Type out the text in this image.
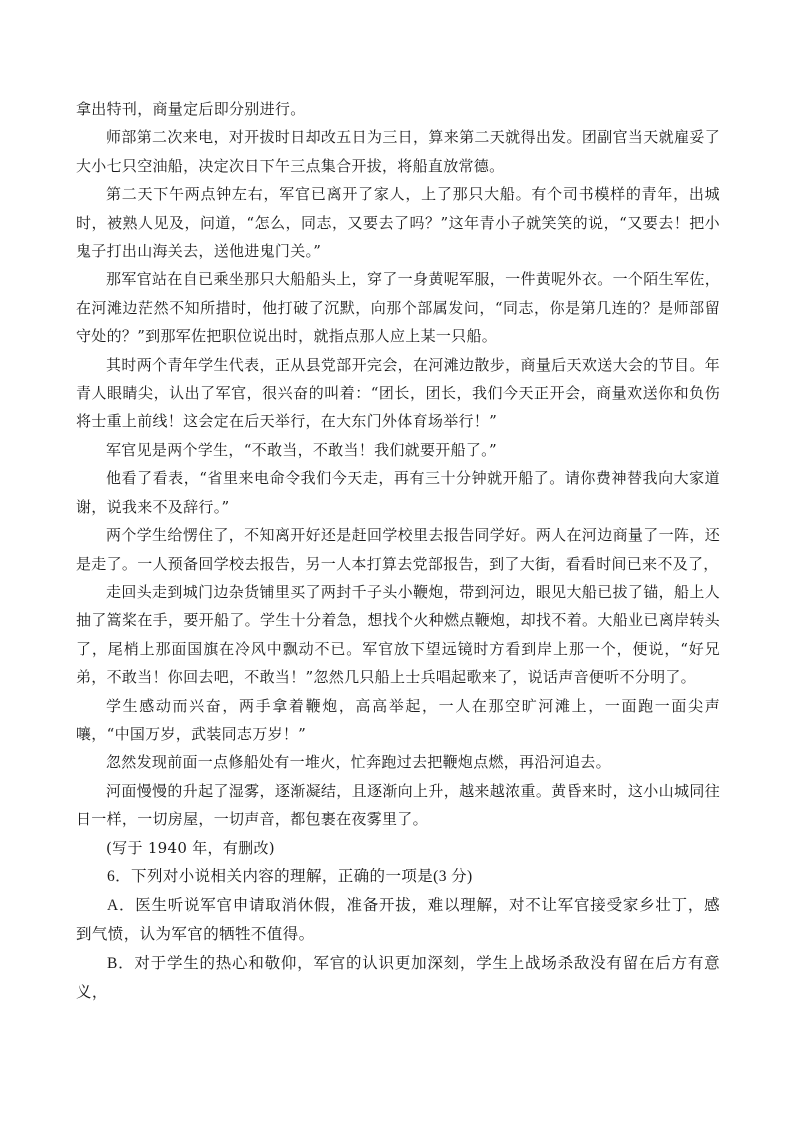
拿出特刊，商量定后即分别进行。

师部第二次来电，对开拔时日却改五日为三日，算来第二天就得出发。团副官当天就雇妥了大小七只空油船，决定次日下午三点集合开拔，将船直放常德。

第二天下午两点钟左右，军官已离开了家人，上了那只大船。有个司书模样的青年，出城时，被熟人见及，问道，“怎么，同志，又要去了吗？”这年青小子就笑笑的说，“又要去！把小鬼子打出山海关去，送他进鬼门关。”

那军官站在自已乘坐那只大船船头上，穿了一身黄呢军服，一件黄呢外衣。一个陌生军佐，在河滩边茫然不知所措时，他打破了沉默，向那个部属发问，“同志，你是第几连的？是师部留守处的？”到那军佐把职位说出时，就指点那人应上某一只船。

其时两个青年学生代表，正从县党部开完会，在河滩边散步，商量后天欢送大会的节目。年青人眼睛尖，认出了军官，很兴奋的叫着：“团长，团长，我们今天正开会，商量欢送你和负伤将士重上前线！这会定在后天举行，在大东门外体育场举行！”

军官见是两个学生，“不敢当，不敢当！我们就要开船了。”

他看了看表，“省里来电命令我们今天走，再有三十分钟就开船了。请你费神替我向大家道谢，说我来不及辞行。”

两个学生给愣住了，不知离开好还是赶回学校里去报告同学好。两人在河边商量了一阵，还是走了。一人预备回学校去报告，另一人本打算去党部报告，到了大街，看看时间已来不及了，

走回头走到城门边杂货铺里买了两封千子头小鞭炮，带到河边，眼见大船已拔了锚，船上人抽了篙桨在手，要开船了。学生十分着急，想找个火种燃点鞭炮，却找不着。大船业已离岸转头了，尾梢上那面国旗在冷风中飘动不已。军官放下望远镜时方看到岸上那一个，便说，“好兄弟，不敢当！你回去吧，不敢当！”忽然几只船上士兵唱起歌来了，说话声音便听不分明了。

学生感动而兴奋，两手拿着鞭炮，高高举起，一人在那空旷河滩上，一面跑一面尖声嚷，“中国万岁，武装同志万岁！”

忽然发现前面一点修船处有一堆火，忙奔跑过去把鞭炮点燃，再沿河追去。

河面慢慢的升起了湿雾，逐渐凝结，且逐渐向上升，越来越浓重。黄昏来时，这小山城同往日一样，一切房屋，一切声音，都包裹在夜雾里了。

(写于 1940 年，有删改)

6．下列对小说相关内容的理解，正确的一项是(3 分)

A．医生听说军官申请取消休假，准备开拔，难以理解，对不让军官接受家乡壮丁，感到气愤，认为军官的牺牲不值得。

B．对于学生的热心和敬仰，军官的认识更加深刻，学生上战场杀敌没有留在后方有意义，
